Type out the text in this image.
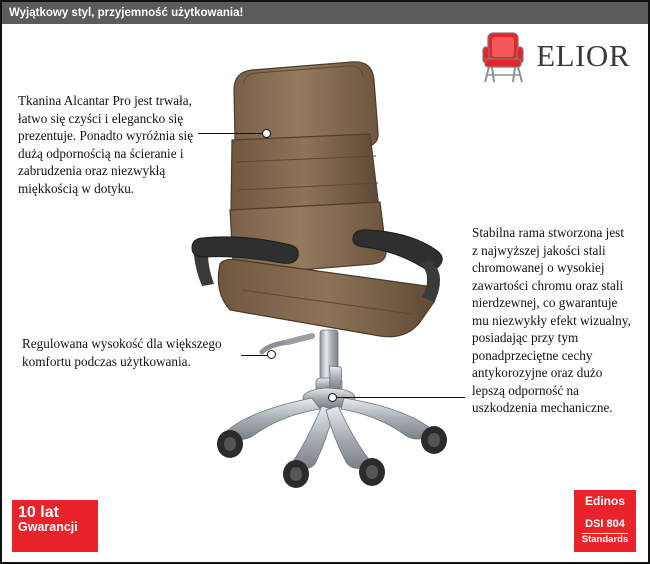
Wyjątkowy styl, przyjemność użytkowania!
ELIOR
Tkanina Alcantar Pro jest trwała, łatwo się czyści i elegancko się prezentuje. Ponadto wyróżnia się dużą odpornością na ścieranie i zabrudzenia oraz niezwykłą miękkością w dotyku.
Regulowana wysokość dla większego komfortu podczas użytkowania.
Stabilna rama stworzona jest z najwyższej jakości stali chromowanej o wysokiej zawartości chromu oraz stali nierdzewnej, co gwarantuje mu niezwykły efekt wizualny, posiadając przy tym ponadprzeciętne cechy antykorozyjne oraz dużo lepszą odporność na uszkodzenia mechaniczne.
10 lat
Gwarancji
Edinos
DSI 804
Standards
